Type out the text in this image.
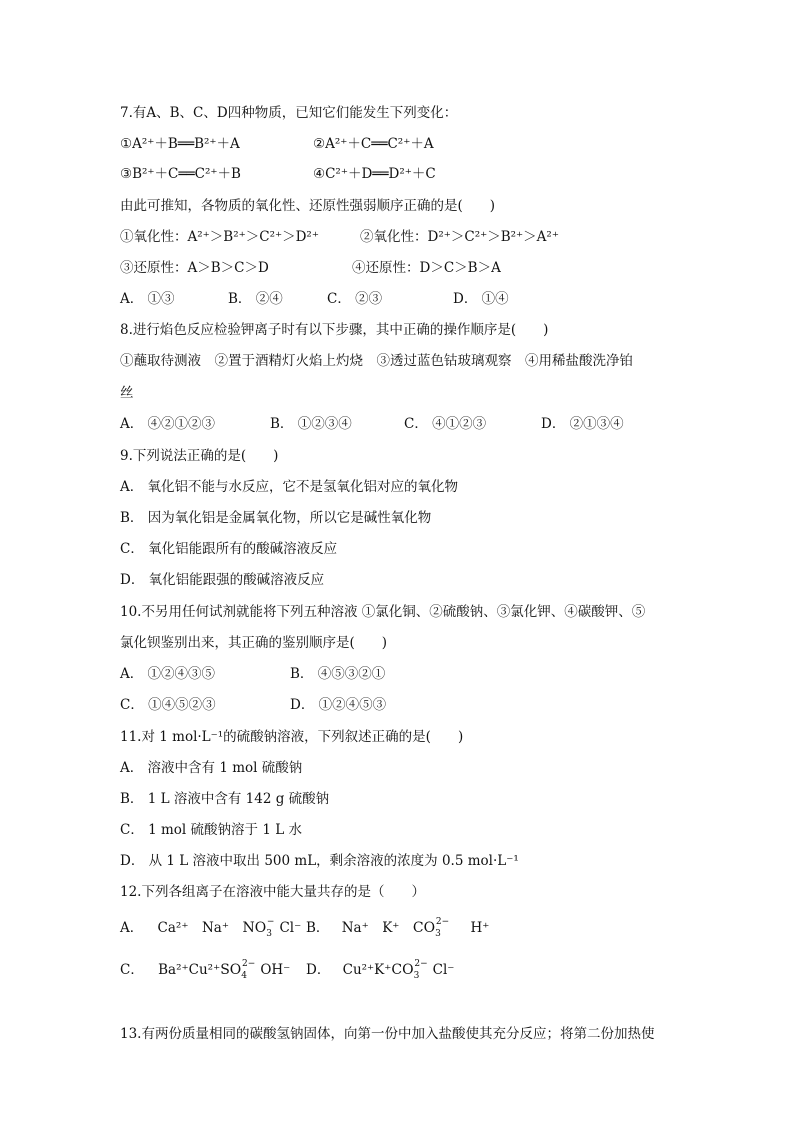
7.有A、B、C、D四种物质，已知它们能发生下列变化：
①A²⁺＋B══B²⁺＋A	②A²⁺＋C══C²⁺＋A
③B²⁺＋C══C²⁺＋B	④C²⁺＋D══D²⁺＋C
由此可推知，各物质的氧化性、还原性强弱顺序正确的是(　　)
①氧化性：A²⁺＞B²⁺＞C²⁺＞D²⁺	②氧化性：D²⁺＞C²⁺＞B²⁺＞A²⁺
③还原性：A＞B＞C＞D	④还原性：D＞C＞B＞A
A． ①③	B． ②④	C． ②③	D． ①④
8.进行焰色反应检验钾离子时有以下步骤，其中正确的操作顺序是(　　)
①蘸取待测液　②置于酒精灯火焰上灼烧　③透过蓝色钴玻璃观察　④用稀盐酸洗净铂
丝
A． ④②①②③	B． ①②③④	C． ④①②③	D． ②①③④
9.下列说法正确的是(　　)
A． 氧化铝不能与水反应，它不是氢氧化铝对应的氧化物
B． 因为氧化铝是金属氧化物，所以它是碱性氧化物
C． 氧化铝能跟所有的酸碱溶液反应
D． 氧化铝能跟强的酸碱溶液反应
10.不另用任何试剂就能将下列五种溶液 ①氯化铜、②硫酸钠、③氯化钾、④碳酸钾、⑤
氯化钡鉴别出来，其正确的鉴别顺序是(　　)
A． ①②④③⑤	B． ④⑤③②①
C． ①④⑤②③	D． ①②④⑤③
11.对 1 mol·L⁻¹的硫酸钠溶液，下列叙述正确的是(　　)
A． 溶液中含有 1 mol 硫酸钠
B． 1 L 溶液中含有 142 g 硫酸钠
C． 1 mol 硫酸钠溶于 1 L 水
D． 从 1 L 溶液中取出 500 mL，剩余溶液的浓度为 0.5 mol·L⁻¹
12.下列各组离子在溶液中能大量共存的是（　　）
A． Ca²⁺　Na⁺　$NO_3^-$ Cl⁻ B． Na⁺　K⁺　$CO_3^{2-}$ H⁺
C． $Ba^{2+}Cu^{2+}SO_4^{2-}$ OH⁻ D． $Cu^{2+}K^+CO_3^{2-}$ Cl⁻
13.有两份质量相同的碳酸氢钠固体，向第一份中加入盐酸使其充分反应；将第二份加热使
